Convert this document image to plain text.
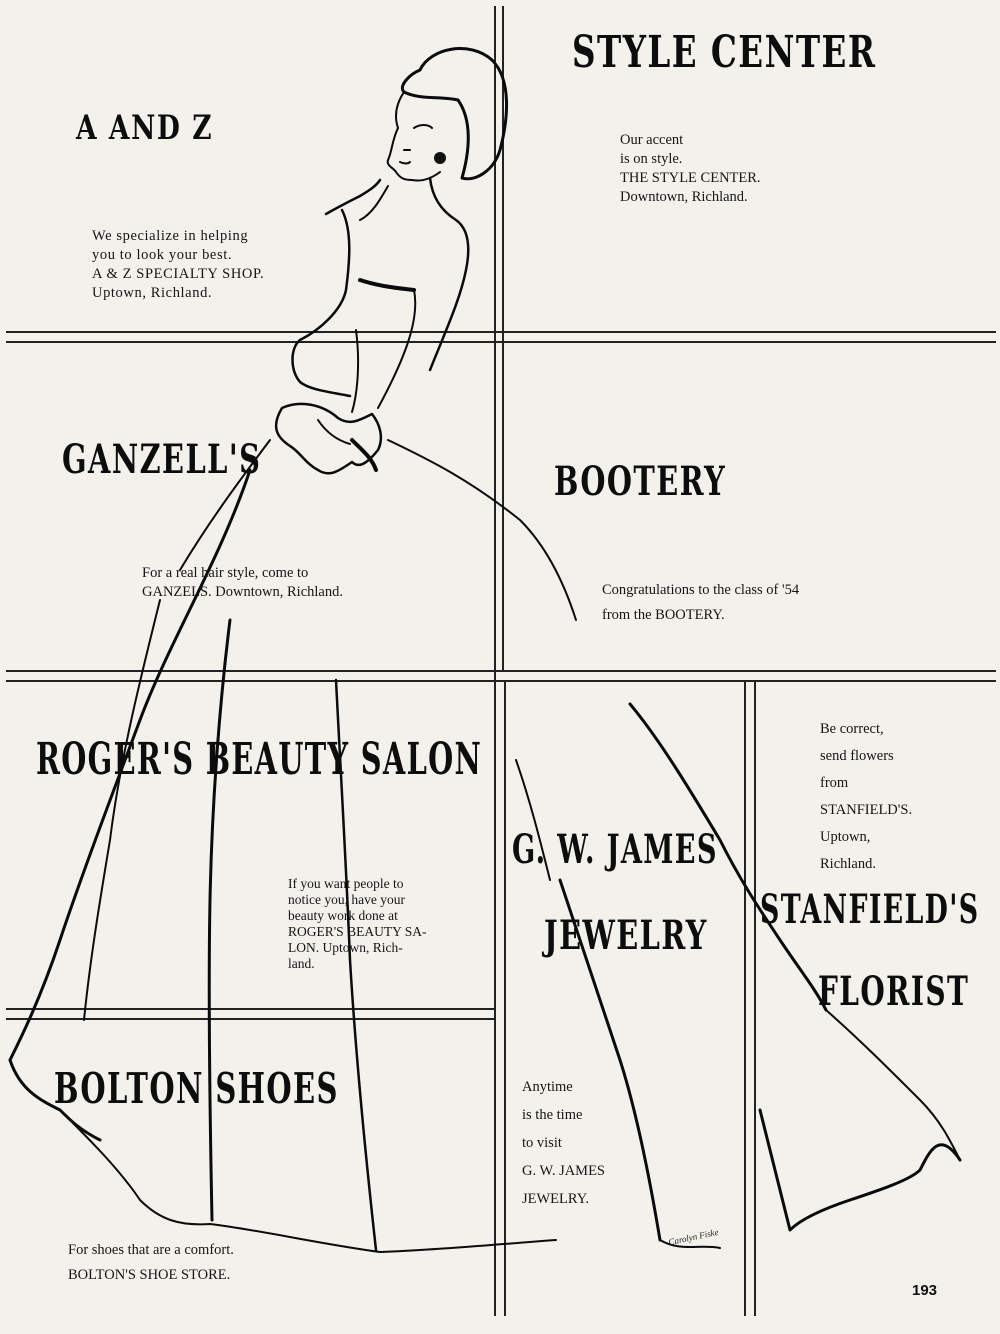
A AND Z

We specialize in helping
you to look your best.
A & Z SPECIALTY SHOP.
Uptown, Richland.

STYLE CENTER

Our accent
is on style.
THE STYLE CENTER.
Downtown, Richland.

GANZELL'S

For a real hair style, come to
GANZELS. Downtown, Richland.

BOOTERY

Congratulations to the class of '54
from the BOOTERY.

ROGER'S BEAUTY SALON

If you want people to
notice you, have your
beauty work done at
ROGER'S BEAUTY SA-
LON. Uptown, Rich-
land.

G. W. JAMES
JEWELRY

Anytime
is the time
to visit
G. W. JAMES
JEWELRY.

STANFIELD'S
FLORIST

Be correct,
send flowers
from
STANFIELD'S.
Uptown,
Richland.

BOLTON SHOES

For shoes that are a comfort.
BOLTON'S SHOE STORE.

Carolyn Fiske
193
